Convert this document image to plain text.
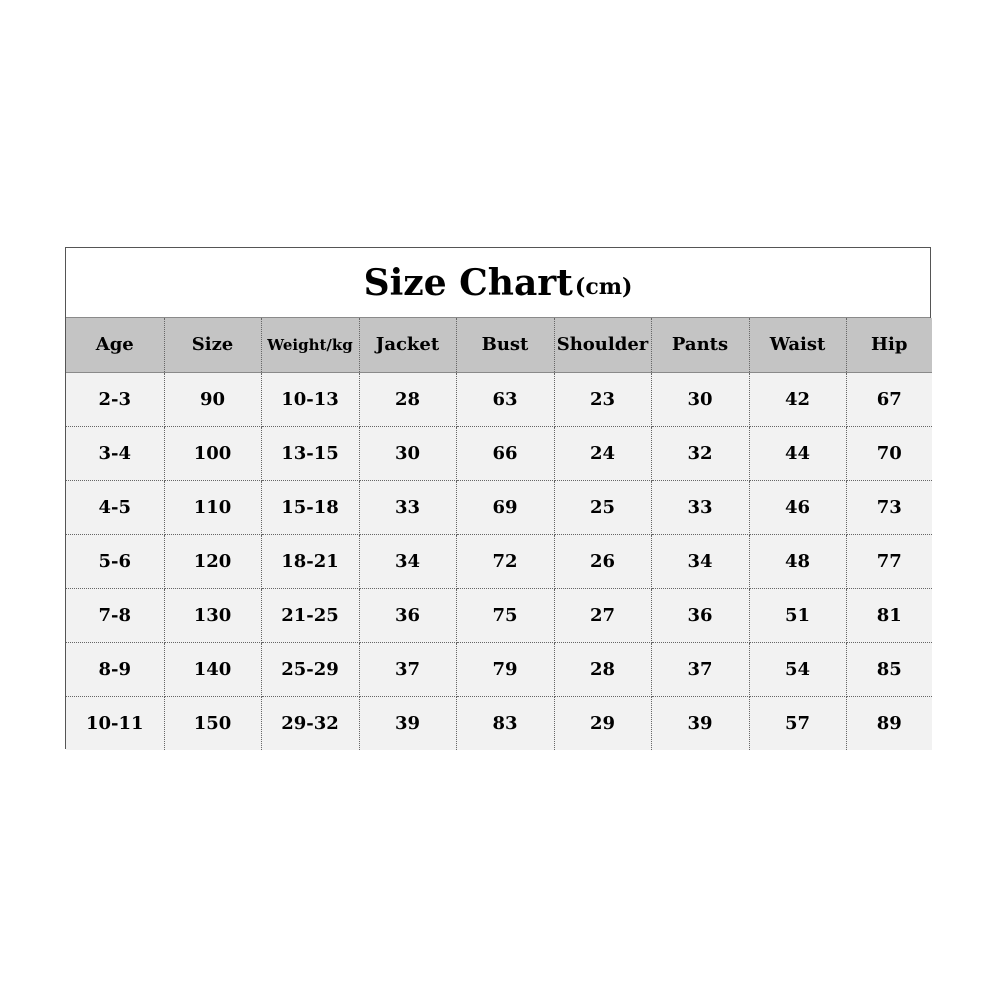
Size Chart (cm)
Age	Size	Weight/kg	Jacket	Bust	Shoulder	Pants	Waist	Hip
2-3	90	10-13	28	63	23	30	42	67
3-4	100	13-15	30	66	24	32	44	70
4-5	110	15-18	33	69	25	33	46	73
5-6	120	18-21	34	72	26	34	48	77
7-8	130	21-25	36	75	27	36	51	81
8-9	140	25-29	37	79	28	37	54	85
10-11	150	29-32	39	83	29	39	57	89
